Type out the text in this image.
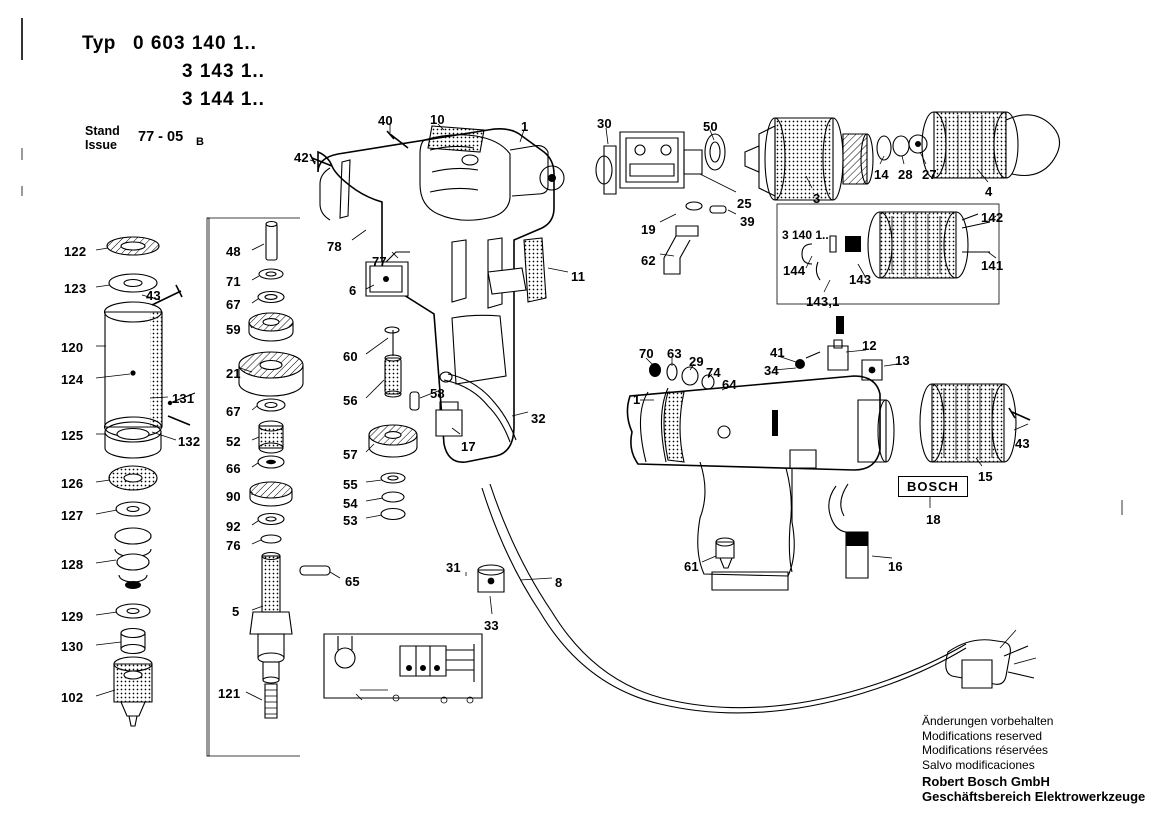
Typ 0 603 140 1..
3 143 1..
3 144 1..
Stand
Issue 77 - 05 B
BOSCH
3 140 1..
Änderungen vorbehalten
Modifications reserved
Modifications réservées
Salvo modificaciones
Robert Bosch GmbH
Geschäftsbereich Elektrowerkzeuge
122
123	43
120
124
131
132
125
126
127
128
129
130
102
48
71
67
59
21
67
52
66
90
92
76
5
65
121
42
40	10	1
78
77
6
11
60
56	58
57
17
32
55
54
53
31
33
8
30	50
25
19
39
62
3
14 28 27
4
142
141
143
144
143,1
70 63
29
74
64
41
34
12
13
1
43
15
18
16
61
